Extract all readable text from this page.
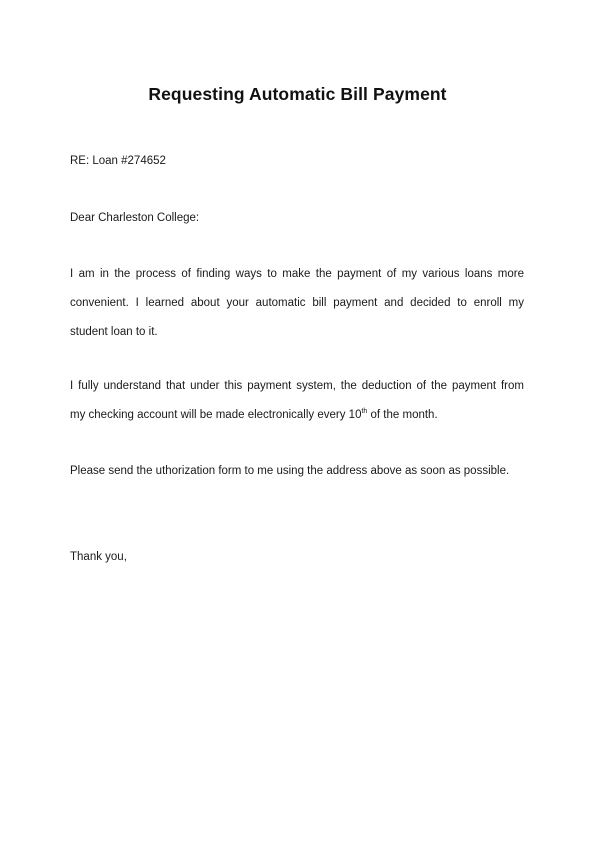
Requesting Automatic Bill Payment
RE: Loan #274652
Dear Charleston College:
I am in the process of finding ways to make the payment of my various loans more
convenient. I learned about your automatic bill payment and decided to enroll my
student loan to it.
I fully understand that under this payment system, the deduction of the payment from
my checking account will be made electronically every 10th of the month.
Please send the uthorization form to me using the address above as soon as possible.
Thank you,
